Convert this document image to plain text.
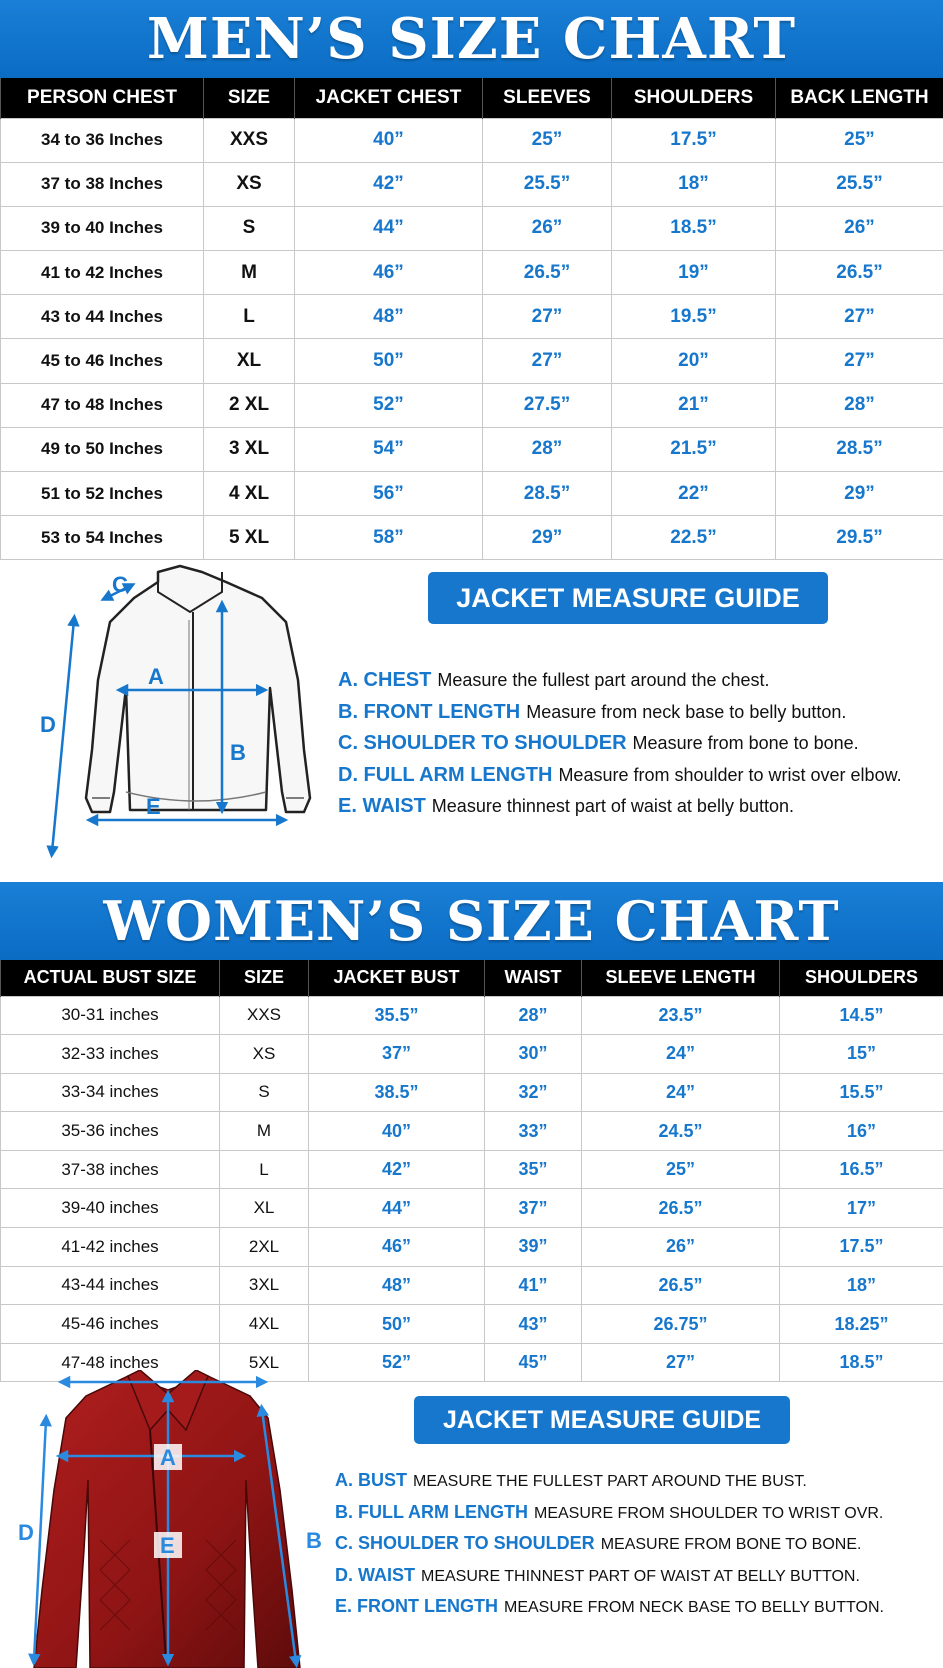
MEN’S SIZE CHART
PERSON CHEST	SIZE	JACKET CHEST	SLEEVES	SHOULDERS	BACK LENGTH
34 to 36 Inches	XXS	40”	25”	17.5”	25”
37 to 38 Inches	XS	42”	25.5”	18”	25.5”
39 to 40 Inches	S	44”	26”	18.5”	26”
41 to 42 Inches	M	46”	26.5”	19”	26.5”
43 to 44 Inches	L	48”	27”	19.5”	27”
45 to 46 Inches	XL	50”	27”	20”	27”
47 to 48 Inches	2 XL	52”	27.5”	21”	28”
49 to 50 Inches	3 XL	54”	28”	21.5”	28.5”
51 to 52 Inches	4 XL	56”	28.5”	22”	29”
53 to 54 Inches	5 XL	58”	29”	22.5”	29.5”
C
A
B
D
E
JACKET MEASURE GUIDE
A. CHEST Measure the fullest part around the chest.
B. FRONT LENGTH Measure from neck base to belly button.
C. SHOULDER TO SHOULDER Measure from bone to bone.
D. FULL ARM LENGTH Measure from shoulder to wrist over elbow.
E. WAIST Measure thinnest part of waist at belly button.
WOMEN’S SIZE CHART
ACTUAL BUST SIZE	SIZE	JACKET BUST	WAIST	SLEEVE LENGTH	SHOULDERS
30-31 inches	XXS	35.5”	28”	23.5”	14.5”
32-33 inches	XS	37”	30”	24”	15”
33-34 inches	S	38.5”	32”	24”	15.5”
35-36 inches	M	40”	33”	24.5”	16”
37-38 inches	L	42”	35”	25”	16.5”
39-40 inches	XL	44”	37”	26.5”	17”
41-42 inches	2XL	46”	39”	26”	17.5”
43-44 inches	3XL	48”	41”	26.5”	18”
45-46 inches	4XL	50”	43”	26.75”	18.25”
47-48 inches	5XL	52”	45”	27”	18.5”
A
E
D	B
JACKET MEASURE GUIDE
A. BUST MEASURE THE FULLEST PART AROUND THE BUST.
B. FULL ARM LENGTH MEASURE FROM SHOULDER TO WRIST OVR.
C. SHOULDER TO SHOULDER MEASURE FROM BONE TO BONE.
D. WAIST MEASURE THINNEST PART OF WAIST AT BELLY BUTTON.
E. FRONT LENGTH MEASURE FROM NECK BASE TO BELLY BUTTON.
